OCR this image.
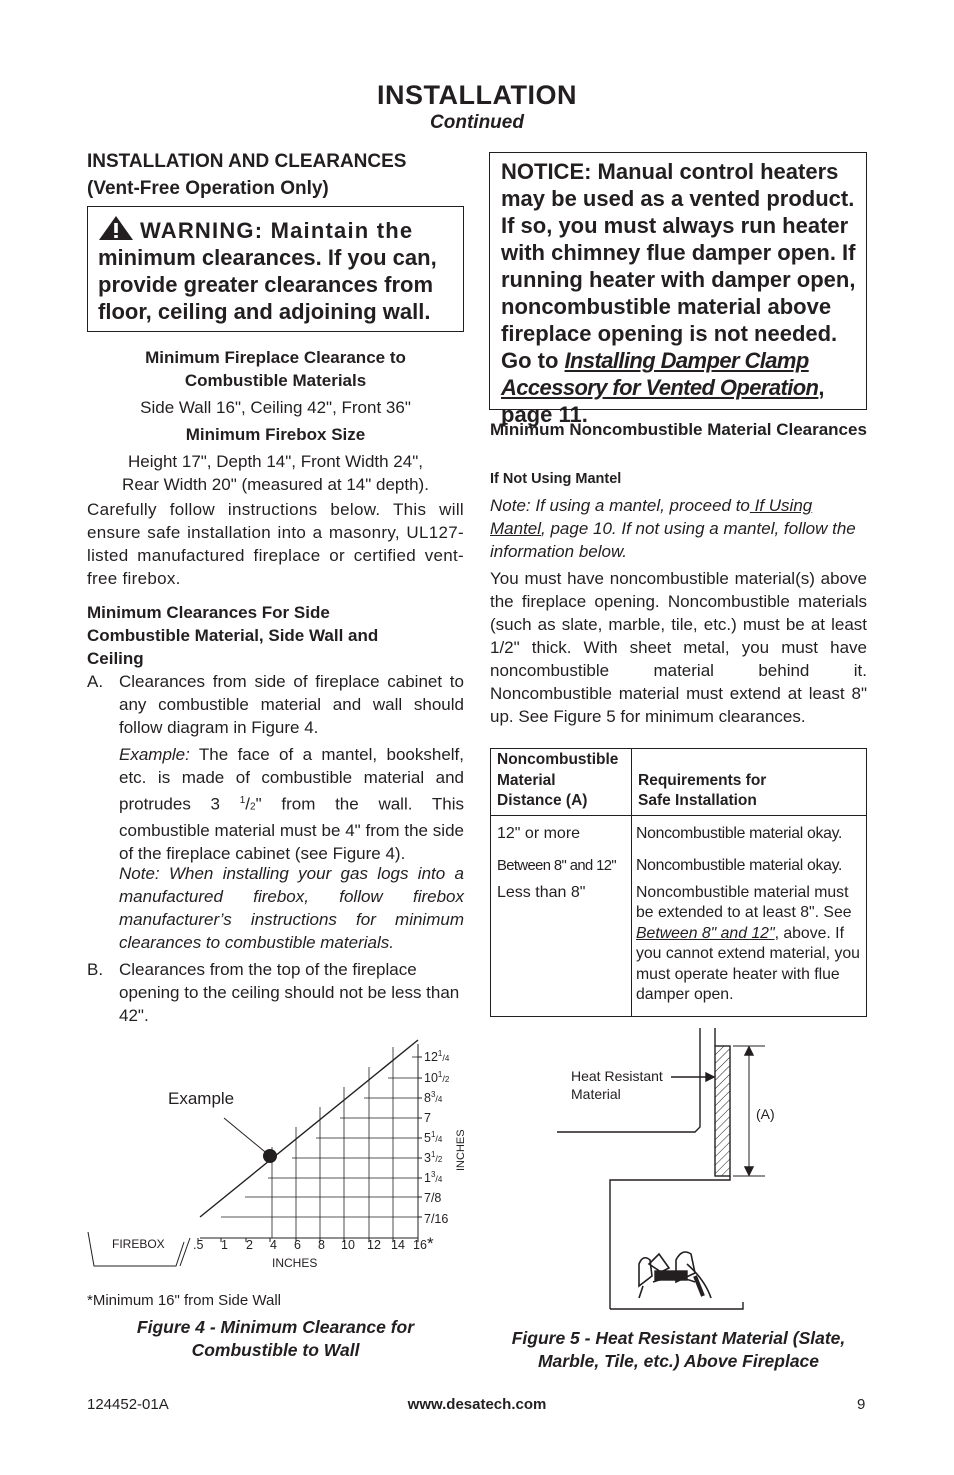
INSTALLATION
Continued
INSTALLATION AND CLEARANCES
(Vent-Free Operation Only)
WARNING: Maintain the
minimum clearances. If you can,
provide greater clearances from
floor, ceiling and adjoining wall.
Minimum Fireplace Clearance to
Combustible Materials
Side Wall 16", Ceiling 42", Front 36"
Minimum Firebox Size
Height 17", Depth 14", Front Width 24",
Rear Width 20" (measured at 14" depth).
Carefully follow instructions below. This will ensure safe installation into a masonry, UL127-listed manufactured fireplace or certified vent-free firebox.
Minimum Clearances For Side Combustible Material, Side Wall and Ceiling
A. Clearances from side of fireplace cabinet to any combustible material and wall should follow diagram in Figure 4.
Example: The face of a mantel, bookshelf, etc. is made of combustible material and protrudes 3 $^1$/2" from the wall. This combustible material must be 4" from the side of the fireplace cabinet (see Figure 4).
Note: When installing your gas logs into a manufactured firebox, follow firebox manufacturer’s instructions for minimum clearances to combustible materials.
B. Clearances from the top of the fireplace opening to the ceiling should not be less than 42".
Example
FIREBOX
INCHES
INCHES
.5 1 2 4 6 8 10 12 14 16
$12^1_/4$
$10^1_/2$
$8^3_/4$
7
$5^1_/4$
$3^1_/2$
$1^3_/4$
7/8
7/16
*
*Minimum 16" from Side Wall
Figure 4 - Minimum Clearance for
Combustible to Wall
NOTICE: Manual control heaters may be used as a vented product. If so, you must always run heater with chimney flue damper open. If running heater with damper open, noncombustible material above fireplace opening is not needed. Go to Installing Damper Clamp Accessory for Vented Operation, page 11.
Minimum Noncombustible Material Clearances
If Not Using Mantel
Note: If using a mantel, proceed to If Using Mantel, page 10. If not using a mantel, follow the information below.
You must have noncombustible material(s) above the fireplace opening. Noncombustible materials (such as slate, marble, tile, etc.) must be at least 1/2" thick. With sheet metal, you must have noncombustible material behind it. Noncombustible material must extend at least 8" up. See Figure 5 for minimum clearances.
Noncombustible
Material
Distance (A)

Requirements for
Safe Installation

12" or more	Noncombustible material okay.
Between 8" and 12"	Noncombustible material okay.
Less than 8"	Noncombustible material must be extended to at least 8". See Between 8" and 12", above. If you cannot extend material, you must operate heater with flue damper open.

Heat Resistant
Material
(A)
Figure 5 - Heat Resistant Material (Slate,
Marble, Tile, etc.) Above Fireplace
124452-01A	www.desatech.com	9
